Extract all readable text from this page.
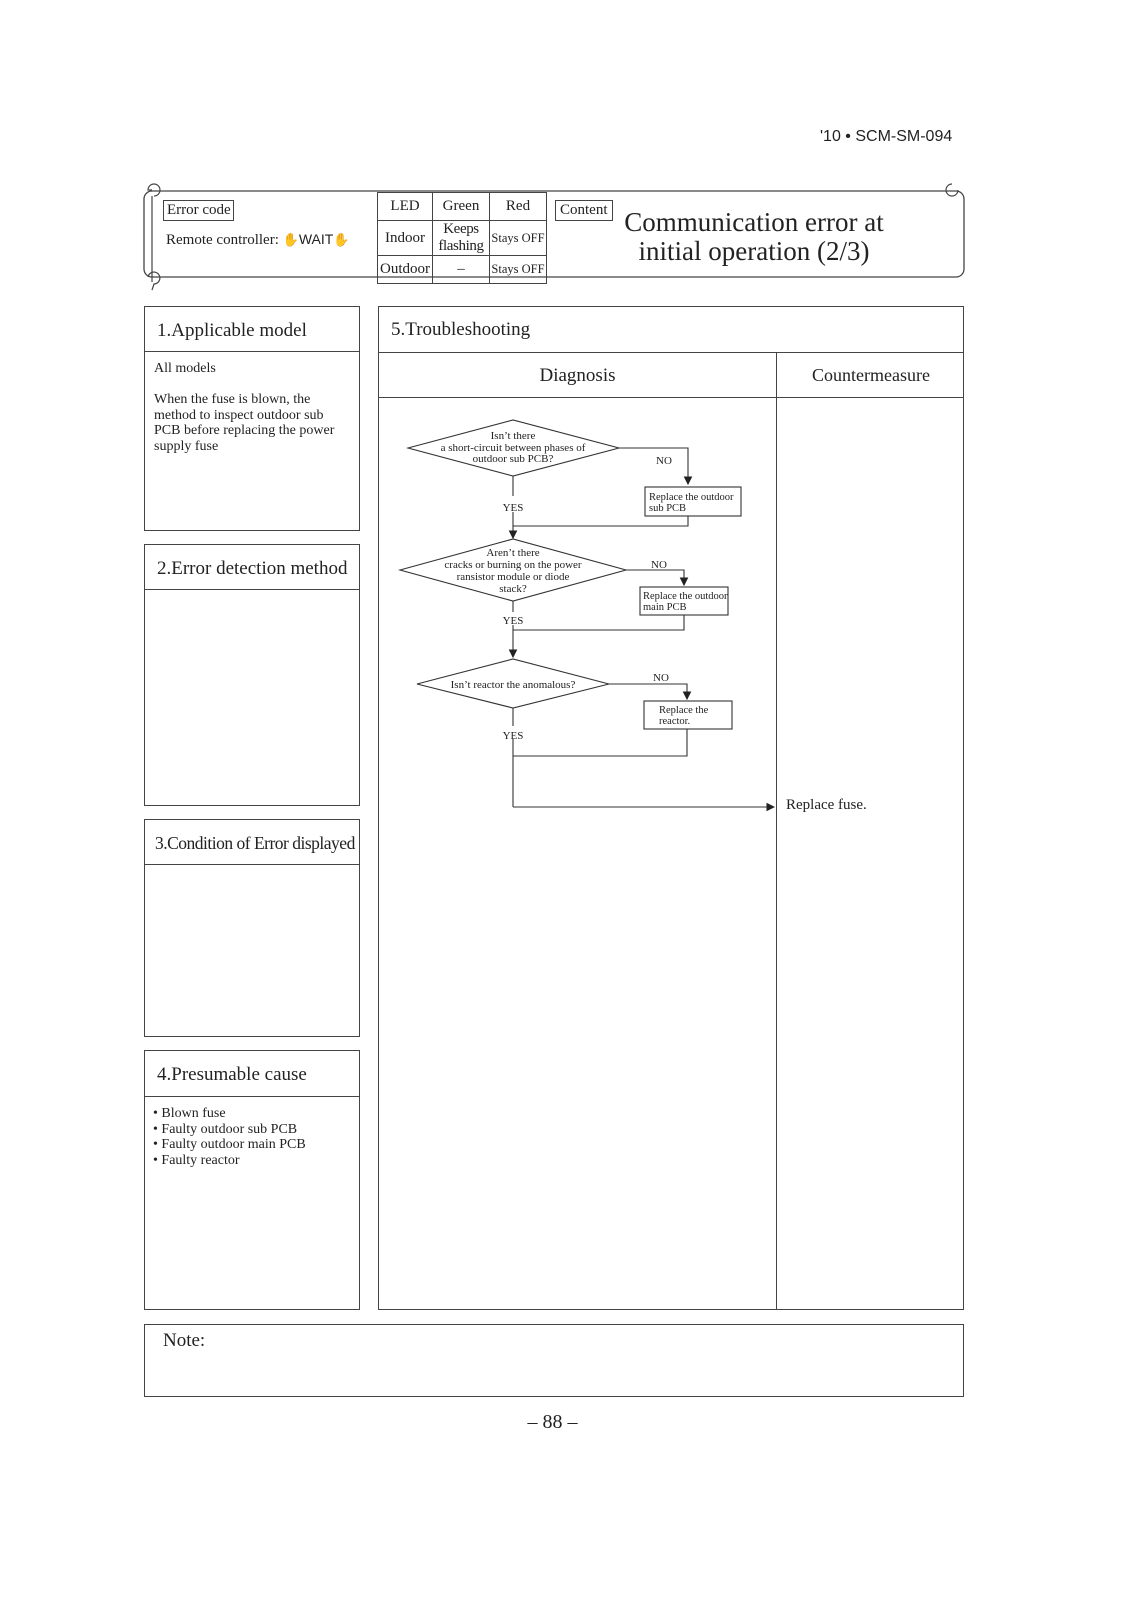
'10 • SCM-SM-094
Error code
Remote controller: ✋WAIT✋
LED	Green	Red
Indoor	Keeps flashing	Stays OFF
Outdoor	–	Stays OFF
Content Communication error at
initial operation (2/3)
1.Applicable model
All models
When the fuse is blown, the
method to inspect outdoor sub
PCB before replacing the power
supply fuse
2.Error detection method
3.Condition of Error displayed
4.Presumable cause
• Blown fuse
• Faulty outdoor sub PCB
• Faulty outdoor main PCB
• Faulty reactor
5.Troubleshooting
Diagnosis	Countermeasure
Isn’t there
a short-circuit between phases of
outdoor sub PCB?
Aren’t there
cracks or burning on the power
ransistor module or diode
stack?
Isn’t reactor the anomalous?
YES
YES
YES
NO
NO
NO
Replace the outdoor
sub PCB
Replace the outdoor
main PCB
Replace the
reactor.
Replace fuse.
Note:
– 88 –
